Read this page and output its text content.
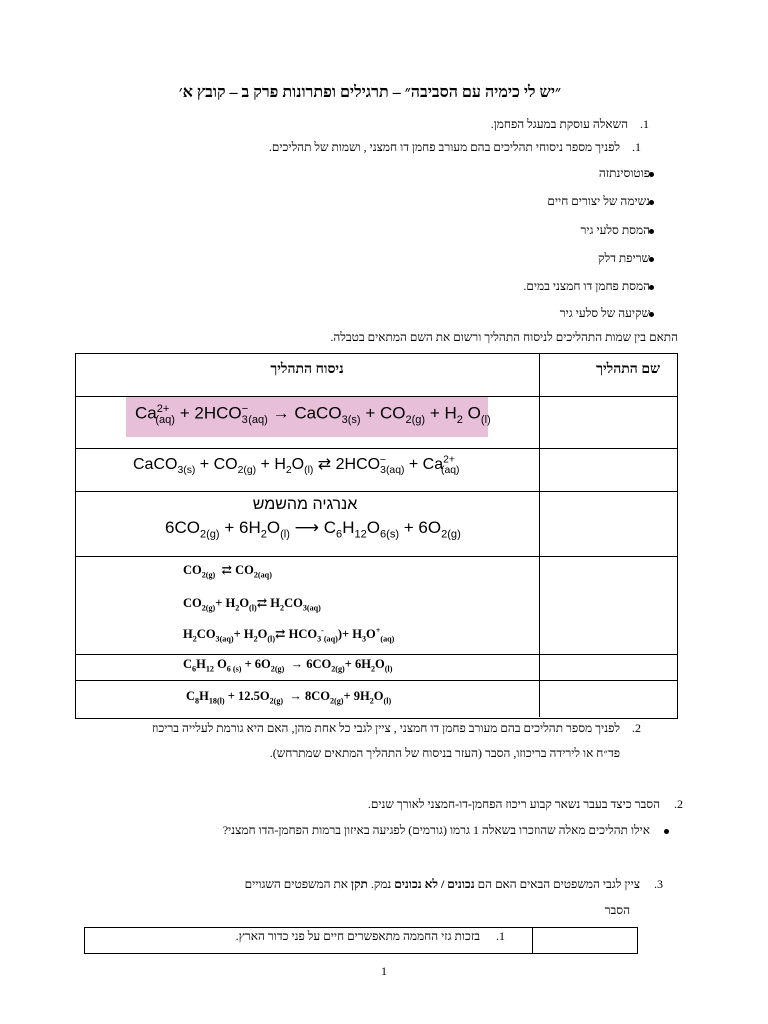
״יש לי כימיה עם הסביבה״ – תרגילים ופתרונות פרק ב – קובץ א׳
.1
השאלה עוסקת במעגל הפחמן.
.1
לפניך מספר ניסוחי תהליכים בהם מעורב פחמן דו חמצני , ושמות של תהליכים.
פוטוסינתזה
נשימה של יצורים חיים
המסת סלעי גיר
שריפת דלק
המסת פחמן דו חמצני במים.
שקיעה של סלעי גיר
התאם בין שמות התהליכים לניסוח התהליך ורשום את השם המתאים בטבלה.
שם התהליך
ניסוח התהליך
$Ca^{2+}_{(aq)} + 2HCO_3^-_{(aq)}$ → CaCO$_{3(s)}$ + $CO_{2(g)} + H_2$ $O_{(l)}$
CaCO$_{3(s)}$ + $CO_{2(g)} + H_2O_{(l)}$ ⇄ $2HCO_3^-_{(aq)} + Ca^{2+}_{(aq)}$
אנרגיה מהשמש
$6CO_{2(g)} + 6H_2O_{(l)}$ ⟶ $C_6H_{12}O_{6(s)} + 6O_{2(g)}$
$CO_{2(g)}$  ⇄ $CO_{2(aq)}$
$CO_{2(g)}+$ $H_2O_{(l)}⇄$ $H_2CO_{3(aq)}$
$H_2CO_{3(aq)}+$ $H_2O_{(l)}⇄$ $HCO_3^-_{(aq)})+ H_3O^+_{(aq)}$
$C_6H_{12}$ $O_{6 (s)} + 6O_{2(g)} \to 6CO_{2(g)}+ 6H_2O_{(l)}$
$C_8H_{18(l)} + 12.5O_{2(g)} \to 8CO_{2(g)}+ 9H_2O_{(l)}$
.2
לפניך מספר תהליכים בהם מעורב פחמן דו חמצני , ציין לגבי כל אחת מהן, האם היא גורמת לעלייה בריכוז
פד״ח או לירידה בריכוזו, הסבר (העזר בניסוח של התהליך המתאים שמתרחש).
.2
הסבר כיצד בעבר נשאר קבוע ריכוז הפחמן-דו-חמצני לאורך שנים.
אילו תהליכים מאלה שהוזכרו בשאלה 1 גרמו (גורמים) לפגיעה באיזון ברמות הפחמן-הדו חמצני?
.3
ציין לגבי המשפטים הבאים האם הם נכונים / לא נכונים נמק. תקן את המשפטים השגויים
הסבר
.1
בזכות גזי החממה מתאפשרים חיים על פני כדור הארץ.
1
